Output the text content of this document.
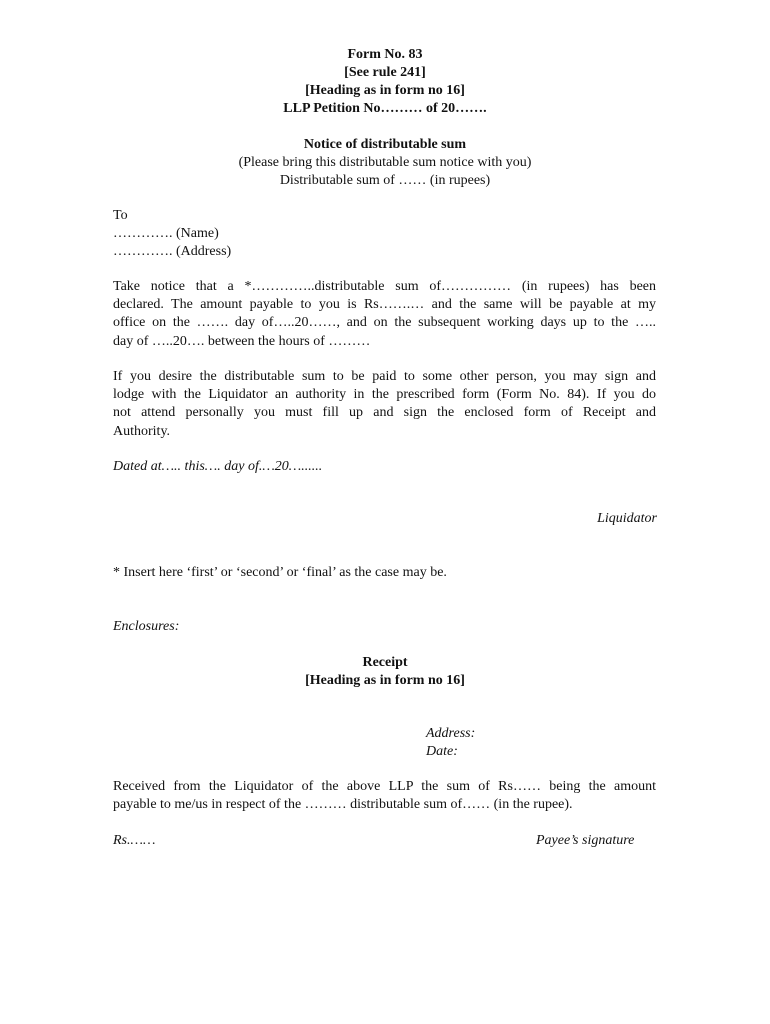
Form No. 83
[See rule 241]
[Heading as in form no 16]
LLP Petition No……… of 20…….
Notice of distributable sum
(Please bring this distributable sum notice with you)
Distributable sum of …… (in rupees)
To
…………. (Name)
…………. (Address)
Take notice that a *…………..distributable sum of…………… (in rupees) has been
declared. The amount payable to you is Rs…….… and the same will be payable at my
office on the ……. day of…..20……, and on the subsequent working days up to the …..
day of …..20…. between the hours of ………
If you desire the distributable sum to be paid to some other person, you may sign and
lodge with the Liquidator an authority in the prescribed form (Form No. 84). If you do
not attend personally you must fill up and sign the enclosed form of Receipt and
Authority.
Dated at….. this…. day of.…20…......
Liquidator
* Insert here ‘first’ or ‘second’ or ‘final’ as the case may be.
Enclosures:
Receipt
[Heading as in form no 16]
Address:
Date:
Received from the Liquidator of the above LLP the sum of Rs…… being the amount
payable to me/us in respect of the ……… distributable sum of…… (in the rupee).
Rs.……	Payee’s signature
